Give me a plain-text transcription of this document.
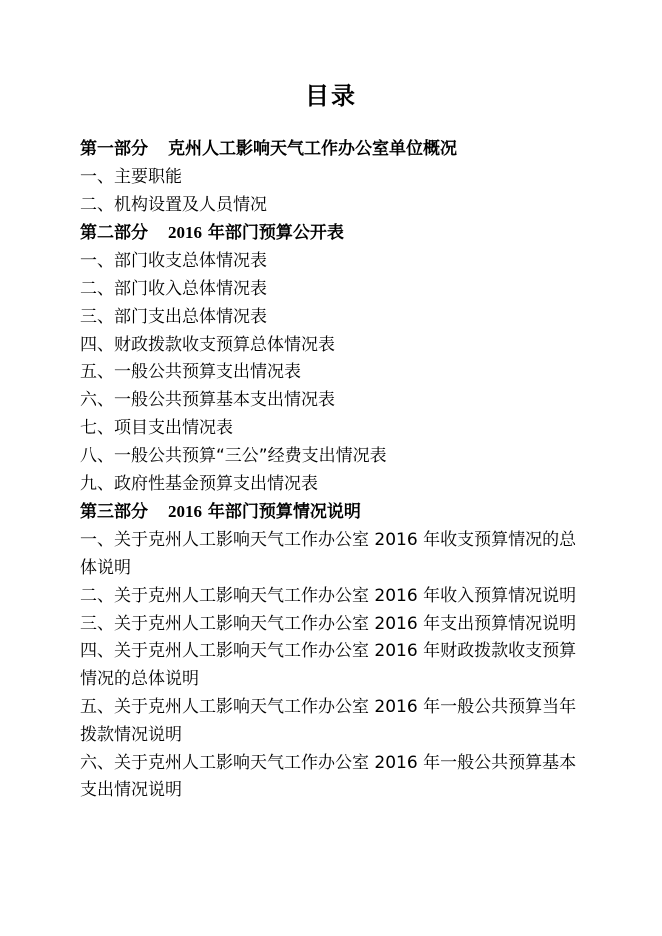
目录

第一部分 克州人工影响天气工作办公室单位概况

一、主要职能

二、机构设置及人员情况

第二部分 2016 年部门预算公开表

一、部门收支总体情况表

二、部门收入总体情况表

三、部门支出总体情况表

四、财政拨款收支预算总体情况表

五、一般公共预算支出情况表

六、一般公共预算基本支出情况表

七、项目支出情况表

八、一般公共预算“三公”经费支出情况表

九、政府性基金预算支出情况表

第三部分 2016 年部门预算情况说明

一、关于克州人工影响天气工作办公室 2016 年收支预算情况的总体说明

二、关于克州人工影响天气工作办公室 2016 年收入预算情况说明

三、关于克州人工影响天气工作办公室 2016 年支出预算情况说明

四、关于克州人工影响天气工作办公室 2016 年财政拨款收支预算情况的总体说明

五、关于克州人工影响天气工作办公室 2016 年一般公共预算当年拨款情况说明

六、关于克州人工影响天气工作办公室 2016 年一般公共预算基本支出情况说明
